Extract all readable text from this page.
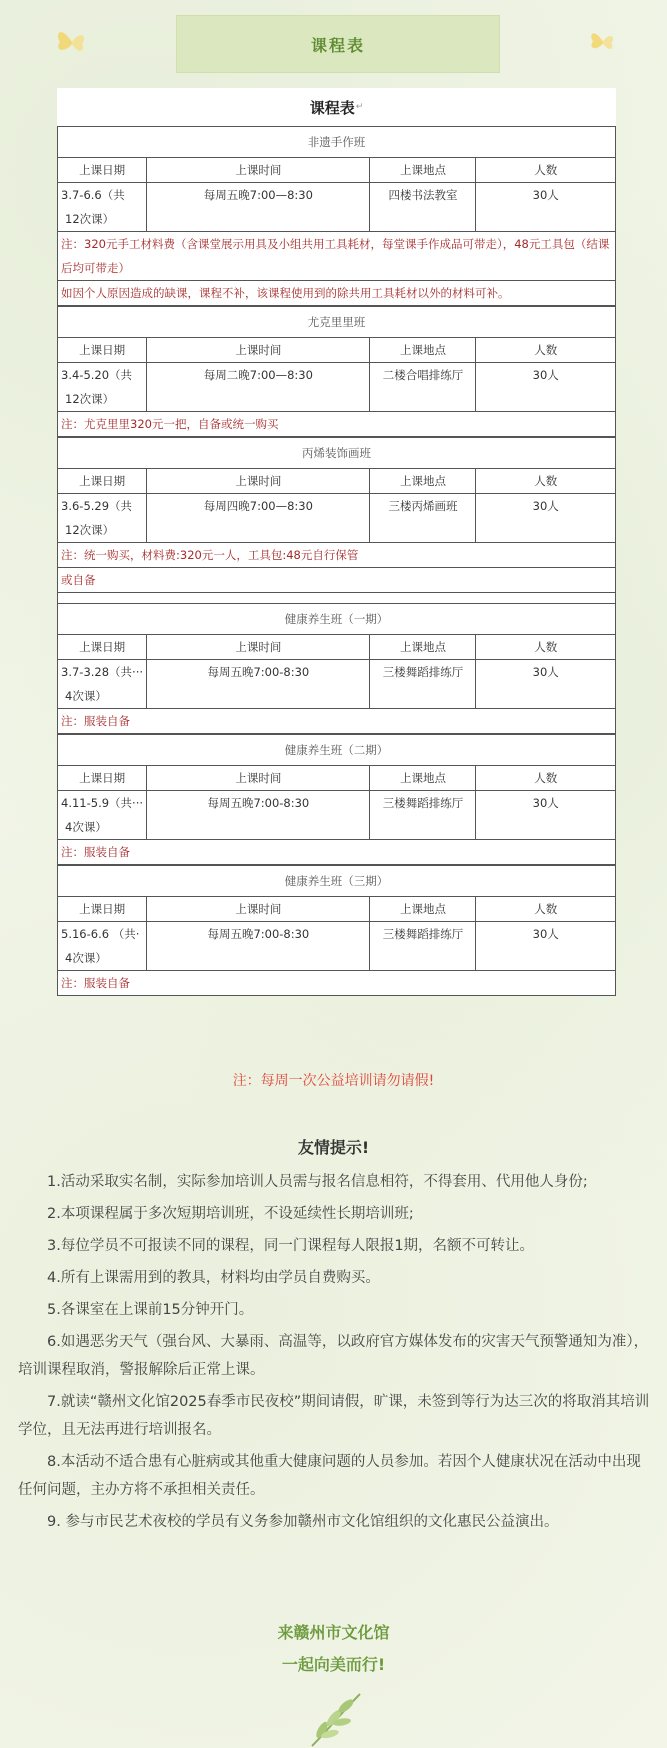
课程表
课程表 ↵
非遗手作班			
上课日期	上课时间	上课地点	人数

3.7-6.6（共
12次课）	每周五晚7:00—8:30	四楼书法教室	30人
注：320元手工材料费（含课堂展示用具及小组共用工具耗材，每堂课手作成品可带走），48元工具包（结课后均可带走）			
如因个人原因造成的缺课，课程不补，该课程使用到的除共用工具耗材以外的材料可补。			
尤克里里班			
上课日期	上课时间	上课地点	人数

3.4-5.20（共
12次课）	每周二晚7:00—8:30	二楼合唱排练厅	30人
注：尤克里里320元一把，自备或统一购买			
丙烯装饰画班			
上课日期	上课时间	上课地点	人数

3.6-5.29（共
12次课）	每周四晚7:00—8:30	三楼丙烯画班	30人
注：统一购买，材料费:320元一人，工具包:48元自行保管			
或自备			
健康养生班（一期）			
上课日期	上课时间	上课地点	人数

3.7-3.28（共···
4次课）	每周五晚7:00-8:30	三楼舞蹈排练厅	30人
注：服装自备			
健康养生班（二期）			
上课日期	上课时间	上课地点	人数

4.11-5.9（共···
4次课）	每周五晚7:00-8:30	三楼舞蹈排练厅	30人
注：服装自备			
健康养生班（三期）			
上课日期	上课时间	上课地点	人数

5.16-6.6 （共·
4次课）	每周五晚7:00-8:30	三楼舞蹈排练厅	30人
注：服装自备			
注：每周一次公益培训请勿请假!
友情提示!

1.活动采取实名制，实际参加培训人员需与报名信息相符，不得套用、代用他人身份;

2.本项课程属于多次短期培训班，不设延续性长期培训班;

3.每位学员不可报读不同的课程，同一门课程每人限报1期，名额不可转让。

4.所有上课需用到的教具，材料均由学员自费购买。

5.各课室在上课前15分钟开门。

6.如遇恶劣天气（强台风、大暴雨、高温等，以政府官方媒体发布的灾害天气预警通知为准），培训课程取消，警报解除后正常上课。

7.就读“赣州文化馆2025春季市民夜校”期间请假，旷课，未签到等行为达三次的将取消其培训学位，且无法再进行培训报名。

8.本活动不适合患有心脏病或其他重大健康问题的人员参加。若因个人健康状况在活动中出现任何问题，主办方将不承担相关责任。

9. 参与市民艺术夜校的学员有义务参加赣州市文化馆组织的文化惠民公益演出。

来赣州市文化馆
一起向美而行!
